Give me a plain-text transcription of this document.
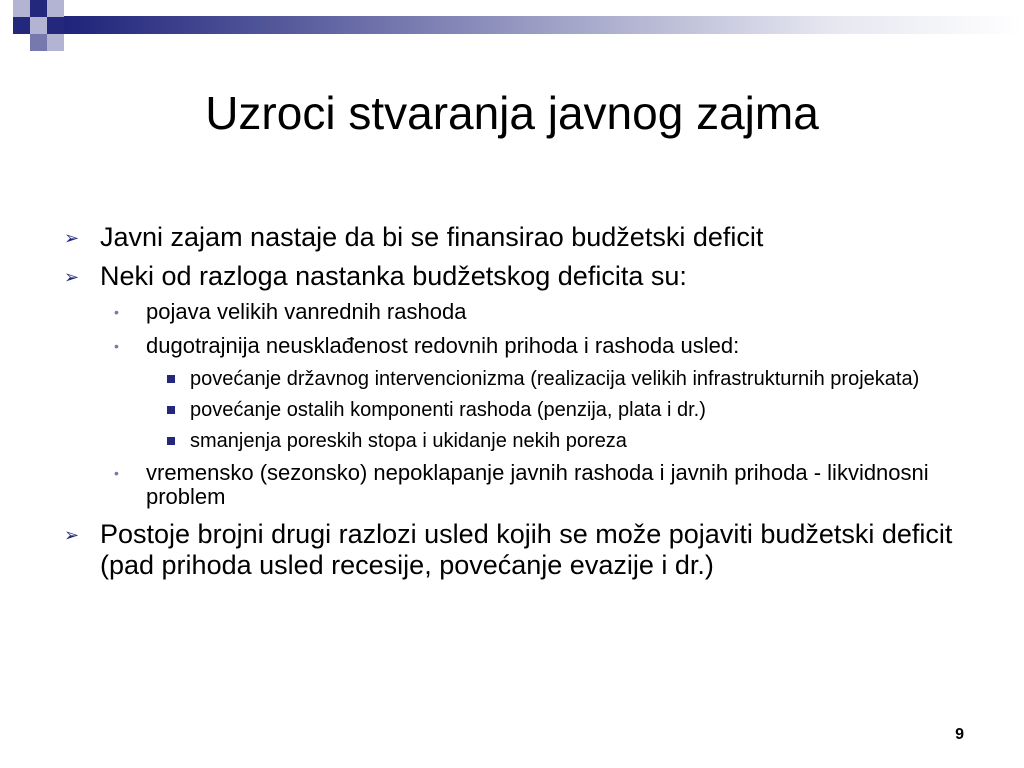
Uzroci stvaranja javnog zajma
➢ Javni zajam nastaje da bi se finansirao budžetski deficit
➢ Neki od razloga nastanka budžetskog deficita su:
• pojava velikih vanrednih rashoda
• dugotrajnija neusklađenost redovnih prihoda i rashoda usled:
povećanje državnog intervencionizma (realizacija velikih infrastrukturnih projekata)
povećanje ostalih komponenti rashoda (penzija, plata i dr.)
smanjenja poreskih stopa i ukidanje nekih poreza
• vremensko (sezonsko) nepoklapanje javnih rashoda i javnih prihoda - likvidnosni problem
➢ Postoje brojni drugi razlozi usled kojih se može pojaviti budžetski deficit (pad prihoda usled recesije, povećanje evazije i dr.)
9
